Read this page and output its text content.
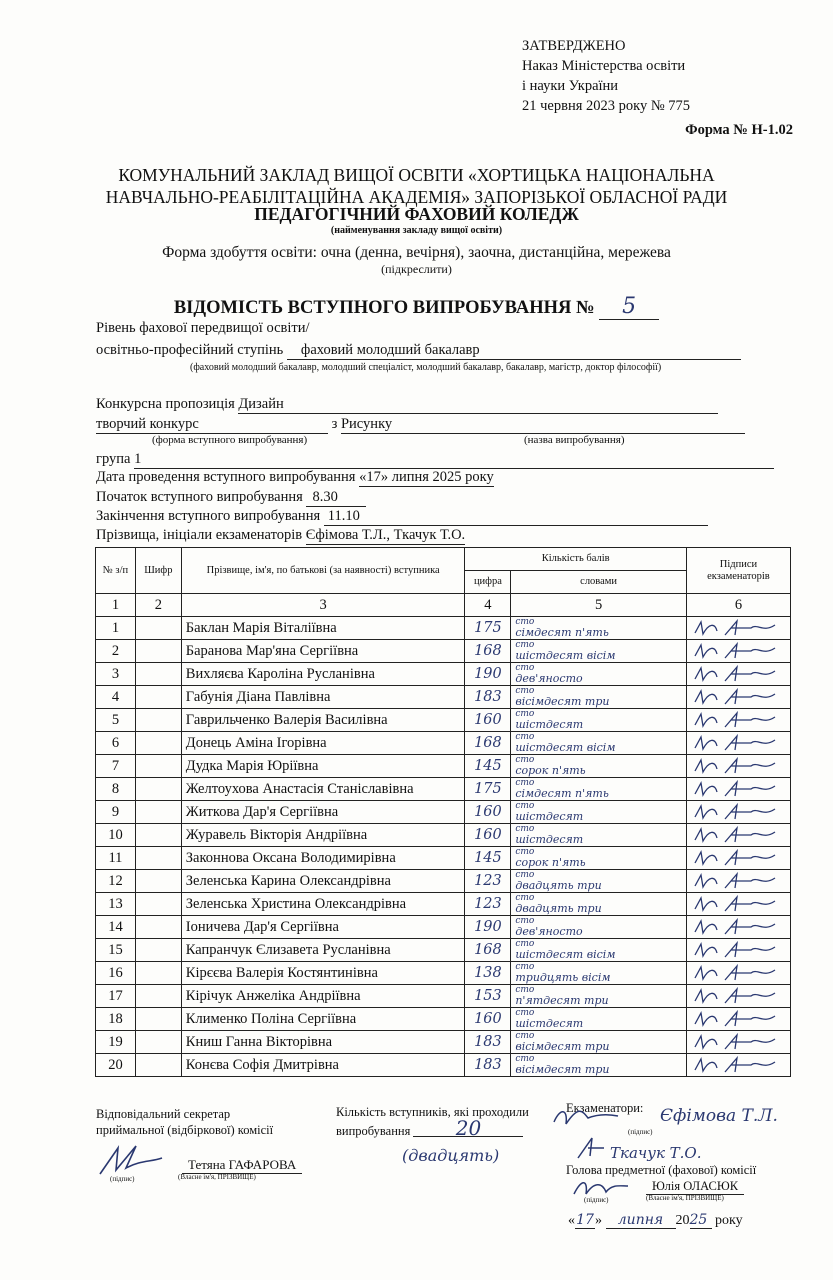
ЗАТВЕРДЖЕНО
Наказ Міністерства освіти
і науки України
21 червня 2023 року № 775
Форма № Н-1.02
КОМУНАЛЬНИЙ ЗАКЛАД ВИЩОЇ ОСВІТИ «ХОРТИЦЬКА НАЦІОНАЛЬНА
НАВЧАЛЬНО-РЕАБІЛІТАЦІЙНА АКАДЕМІЯ» ЗАПОРІЗЬКОЇ ОБЛАСНОЇ РАДИ
ПЕДАГОГІЧНИЙ ФАХОВИЙ КОЛЕДЖ
(найменування закладу вищої освіти)
Форма здобуття освіти: очна (денна, вечірня), заочна, дистанційна, мережева
(підкреслити)
ВІДОМІСТЬ ВСТУПНОГО ВИПРОБУВАННЯ № 5
Рівень фахової передвищої освіти/
освітньо-професійний ступінь фаховий молодший бакалавр
(фаховий молодший бакалавр, молодший спеціаліст, молодший бакалавр, бакалавр, магістр, доктор філософії)
Конкурсна пропозиція Дизайн
творчий конкурс	з Рисунку
(форма вступного випробування)	(назва випробування)
група 1
Дата проведення вступного випробування «17» липня 2025 року
Початок вступного випробування 8.30
Закінчення вступного випробування 11.10
Прізвища, ініціали екзаменаторів Єфімова Т.Л., Ткачук Т.О.
№ з/п	Шифр	Прізвище, ім'я, по батькові (за наявності) вступника	Кількість балів		Підписи екзаменаторів
			цифра	словами	
1	2	3	4	5	6
1		Баклан Марія Віталіївна	175	сто
сімдесят п'ять	

2		Баранова Мар'яна Сергіївна	168	сто
шістдесят вісім	

3		Вихляєва Кароліна Русланівна	190	сто
дев'яносто	

4		Габунія Діана Павлівна	183	сто
вісімдесят три	

5		Гаврильченко Валерія Василівна	160	сто
шістдесят	

6		Донець Аміна Ігорівна	168	сто
шістдесят вісім	

7		Дудка Марія Юріївна	145	сто
сорок п'ять	

8		Желтоухова Анастасія Станіславівна	175	сто
сімдесят п'ять	

9		Житкова Дар'я Сергіївна	160	сто
шістдесят	

10		Журавель Вікторія Андріївна	160	сто
шістдесят	

11		Законнова Оксана Володимирівна	145	сто
сорок п'ять	

12		Зеленська Карина Олександрівна	123	сто
двадцять три	

13		Зеленська Христина Олександрівна	123	сто
двадцять три	

14		Іоничева Дар'я Сергіївна	190	сто
дев'яносто	

15		Капранчук Єлизавета Русланівна	168	сто
шістдесят вісім	

16		Кірєєва Валерія Костянтинівна	138	сто
тридцять вісім	

17		Кірічук Анжеліка Андріївна	153	сто
п'ятдесят три	

18		Клименко Поліна Сергіївна	160	сто
шістдесят	

19		Книш Ганна Вікторівна	183	сто
вісімдесят три	

20		Конєва Софія Дмитрівна	183	сто
вісімдесят три	
Відповідальний секретар
приймальної (відбіркової) комісії
Тетяна ГАФАРОВА
(підпис)	(Власне ім'я, ПРІЗВИЩЕ)
Кількість вступників, які проходили
випробування 20
(двадцять)
Екзаменатори: Єфімова Т.Л.
(підпис)
Ткачук Т.О.
Голова предметної (фахової) комісії
Юлія ОЛАСЮК
(підпис)	(Власне ім'я, ПРІЗВИЩЕ)
«17» липня 2025 року
